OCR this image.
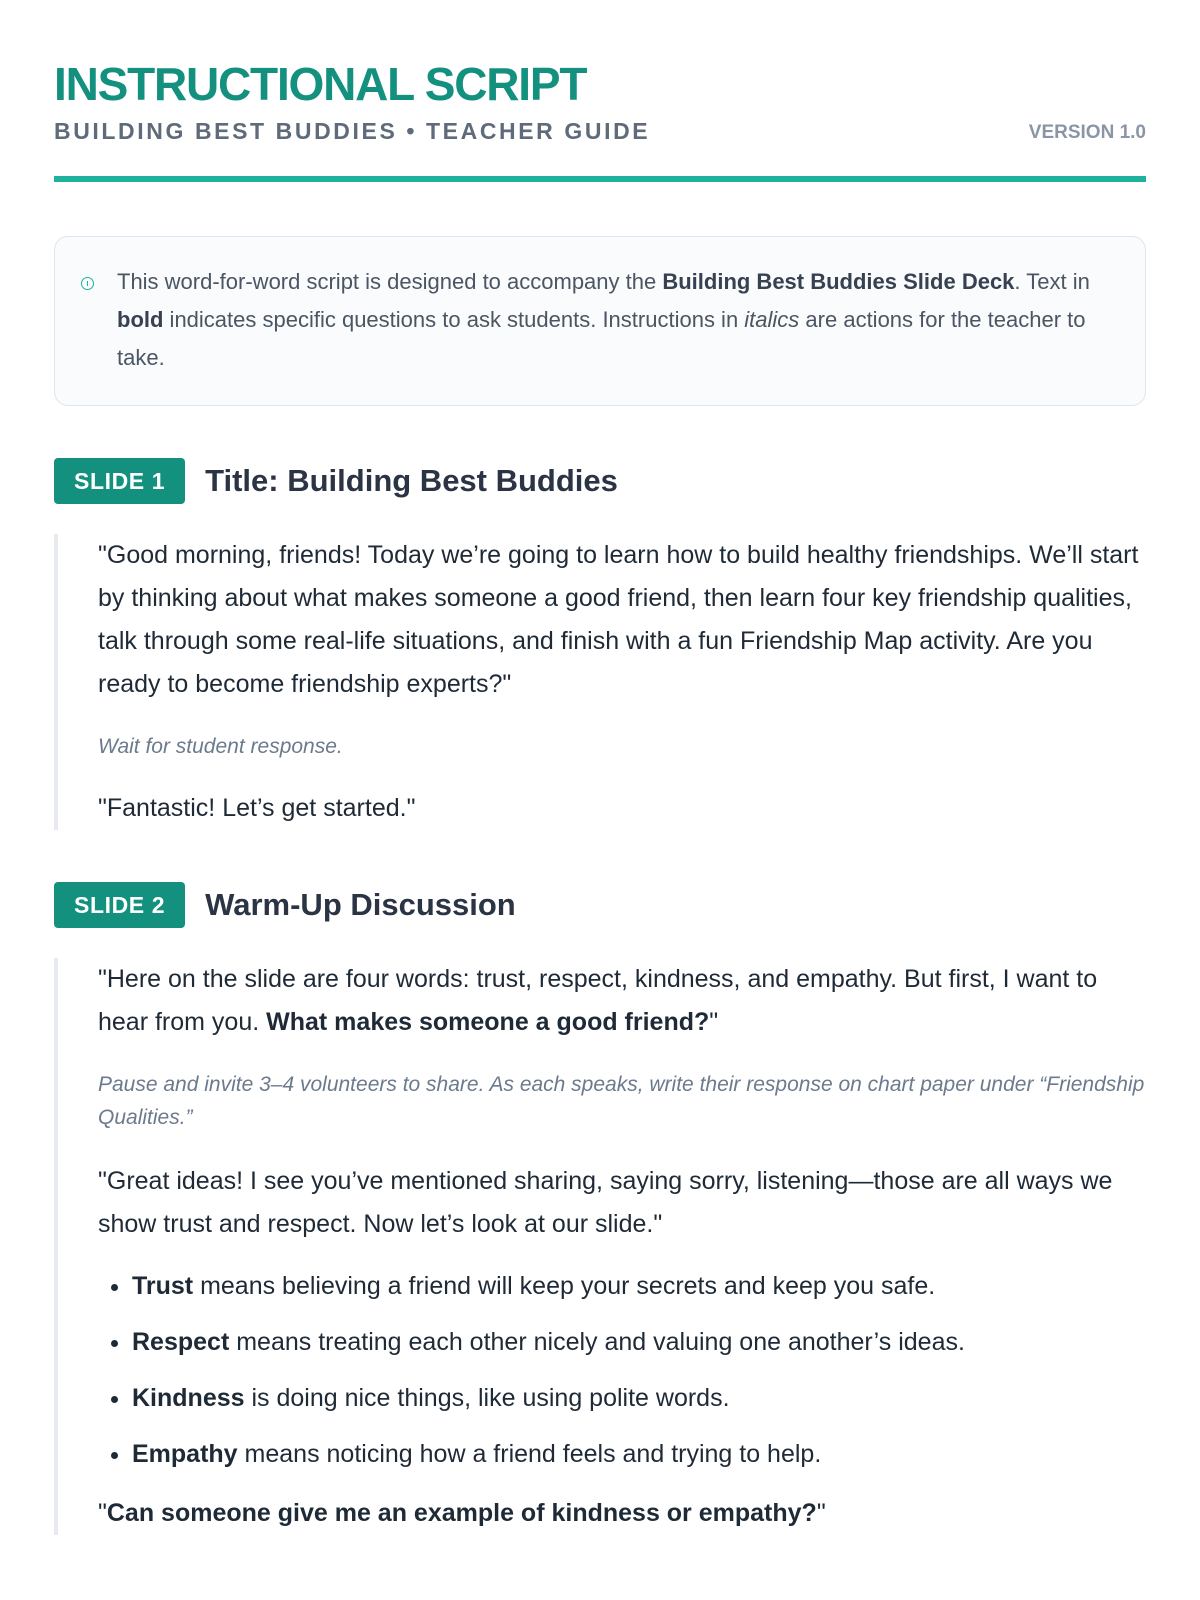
INSTRUCTIONAL SCRIPT
BUILDING BEST BUDDIES • TEACHER GUIDE	VERSION 1.0
This word-for-word script is designed to accompany the Building Best Buddies Slide Deck. Text in bold indicates specific questions to ask students. Instructions in italics are actions for the teacher to take.
SLIDE 1	Title: Building Best Buddies

"Good morning, friends! Today we’re going to learn how to build healthy friendships. We’ll start by thinking about what makes someone a good friend, then learn four key friendship qualities, talk through some real-life situations, and finish with a fun Friendship Map activity. Are you ready to become friendship experts?"

Wait for student response.

"Fantastic! Let’s get started."

SLIDE 2	Warm-Up Discussion

"Here on the slide are four words: trust, respect, kindness, and empathy. But first, I want to hear from you. What makes someone a good friend?"

Pause and invite 3–4 volunteers to share. As each speaks, write their response on chart paper under “Friendship Qualities.”

"Great ideas! I see you’ve mentioned sharing, saying sorry, listening—those are all ways we show trust and respect. Now let’s look at our slide."

• Trust means believing a friend will keep your secrets and keep you safe.
• Respect means treating each other nicely and valuing one another’s ideas.
• Kindness is doing nice things, like using polite words.
• Empathy means noticing how a friend feels and trying to help.

"Can someone give me an example of kindness or empathy?"
